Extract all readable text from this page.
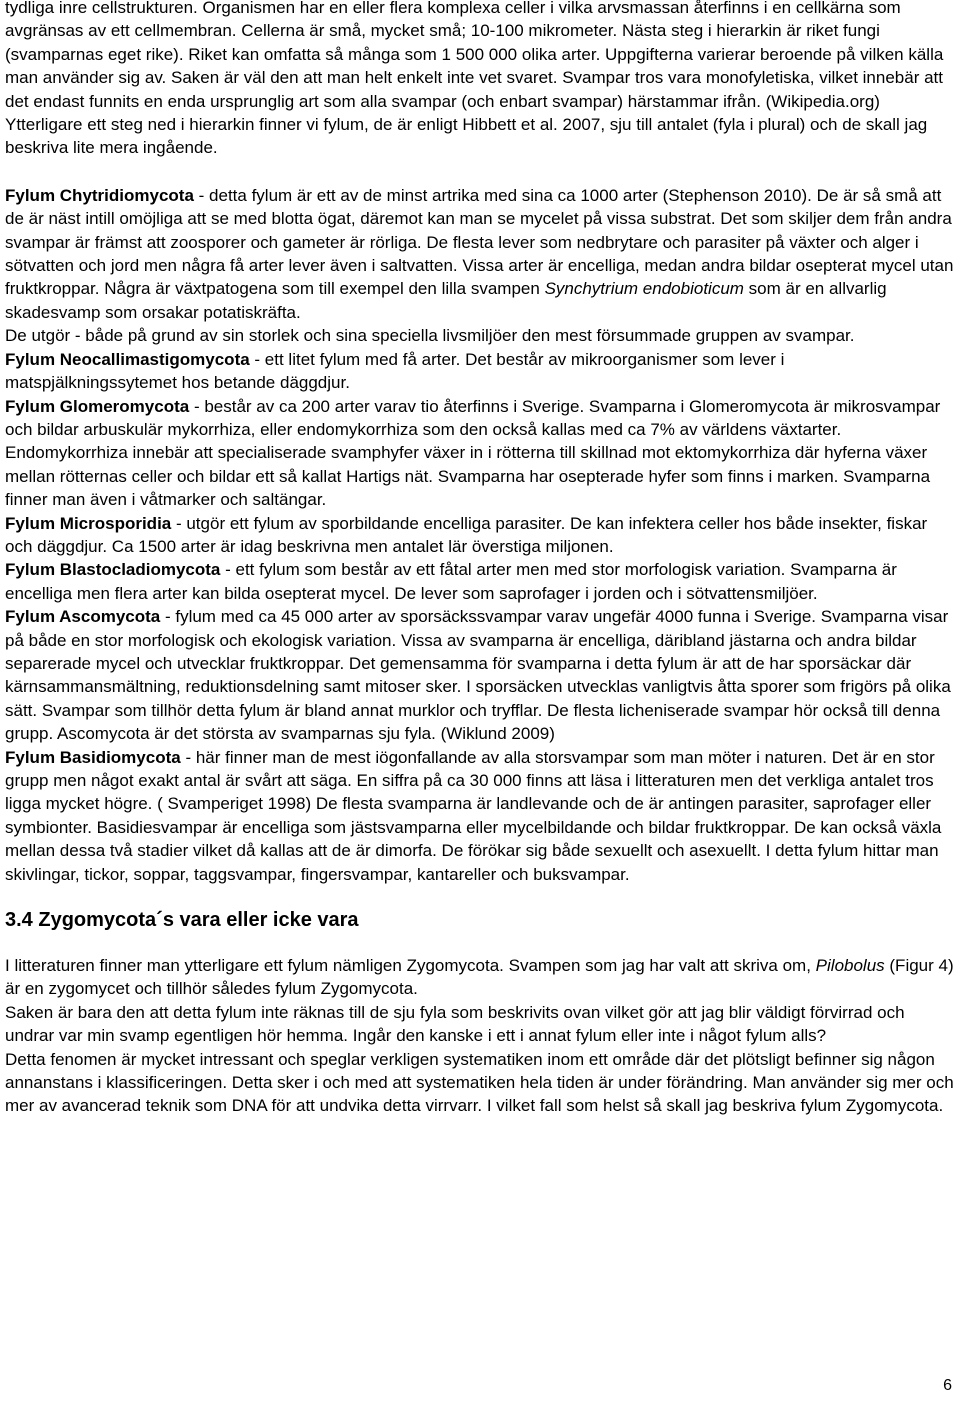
tydliga inre cellstrukturen. Organismen har en eller flera komplexa celler i vilka arvsmassan återfinns i en cellkärna som avgränsas av ett cellmembran. Cellerna är små, mycket små; 10-100 mikrometer. Nästa steg i hierarkin är riket fungi (svamparnas eget rike). Riket kan omfatta så många som 1 500 000 olika arter. Uppgifterna varierar beroende på vilken källa man använder sig av. Saken är väl den att man helt enkelt inte vet svaret. Svampar tros vara monofyletiska, vilket innebär att det endast funnits en enda ursprunglig art som alla svampar (och enbart svampar) härstammar ifrån. (Wikipedia.org) Ytterligare ett steg ned i hierarkin finner vi fylum, de är enligt Hibbett et al. 2007, sju till antalet (fyla i plural) och de skall jag beskriva lite mera ingående.

Fylum Chytridiomycota - detta fylum är ett av de minst artrika med sina ca 1000 arter (Stephenson 2010). De är så små att de är näst intill omöjliga att se med blotta ögat, däremot kan man se mycelet på vissa substrat. Det som skiljer dem från andra svampar är främst att zoosporer och gameter är rörliga. De flesta lever som nedbrytare och parasiter på växter och alger i sötvatten och jord men några få arter lever även i saltvatten. Vissa arter är encelliga, medan andra bildar osepterat mycel utan fruktkroppar. Några är växtpatogena som till exempel den lilla svampen Synchytrium endobioticum som är en allvarlig skadesvamp som orsakar potatiskräfta.

De utgör - både på grund av sin storlek och sina speciella livsmiljöer den mest försummade gruppen av svampar.

Fylum Neocallimastigomycota - ett litet fylum med få arter. Det består av mikroorganismer som lever i matspjälkningssytemet hos betande däggdjur.

Fylum Glomeromycota - består av ca 200 arter varav tio återfinns i Sverige. Svamparna i Glomeromycota är mikrosvampar och bildar arbuskulär mykorrhiza, eller endomykorrhiza som den också kallas med ca 7% av världens växtarter. Endomykorrhiza innebär att specialiserade svamphyfer växer in i rötterna till skillnad mot ektomykorrhiza där hyferna växer mellan rötternas celler och bildar ett så kallat Hartigs nät. Svamparna har osepterade hyfer som finns i marken. Svamparna finner man även i våtmarker och saltängar.

Fylum Microsporidia - utgör ett fylum av sporbildande encelliga parasiter. De kan infektera celler hos både insekter, fiskar och däggdjur. Ca 1500 arter är idag beskrivna men antalet lär överstiga miljonen.

Fylum Blastocladiomycota - ett fylum som består av ett fåtal arter men med stor morfologisk variation. Svamparna är encelliga men flera arter kan bilda osepterat mycel. De lever som saprofager i jorden och i sötvattensmiljöer.

Fylum Ascomycota - fylum med ca 45 000 arter av sporsäckssvampar varav ungefär 4000 funna i Sverige. Svamparna visar på både en stor morfologisk och ekologisk variation. Vissa av svamparna är encelliga, däribland jästarna och andra bildar separerade mycel och utvecklar fruktkroppar. Det gemensamma för svamparna i detta fylum är att de har sporsäckar där kärnsammansmältning, reduktionsdelning samt mitoser sker. I sporsäcken utvecklas vanligtvis åtta sporer som frigörs på olika sätt. Svampar som tillhör detta fylum är bland annat murklor och tryfflar. De flesta licheniserade svampar hör också till denna grupp. Ascomycota är det största av svamparnas sju fyla. (Wiklund 2009)

Fylum Basidiomycota - här finner man de mest iögonfallande av alla storsvampar som man möter i naturen. Det är en stor grupp men något exakt antal är svårt att säga. En siffra på ca 30 000 finns att läsa i litteraturen men det verkliga antalet tros ligga mycket högre. ( Svamperiget 1998) De flesta svamparna är landlevande och de är antingen parasiter, saprofager eller symbionter. Basidiesvampar är encelliga som jästsvamparna eller mycelbildande och bildar fruktkroppar. De kan också växla mellan dessa två stadier vilket då kallas att de är dimorfa. De förökar sig både sexuellt och asexuellt. I detta fylum hittar man skivlingar, tickor, soppar, taggsvampar, fingersvampar, kantareller och buksvampar.

3.4 Zygomycota´s vara eller icke vara

I litteraturen finner man ytterligare ett fylum nämligen Zygomycota. Svampen som jag har valt att skriva om, Pilobolus (Figur 4) är en zygomycet och tillhör således fylum Zygomycota.

Saken är bara den att detta fylum inte räknas till de sju fyla som beskrivits ovan vilket gör att jag blir väldigt förvirrad och undrar var min svamp egentligen hör hemma. Ingår den kanske i ett i annat fylum eller inte i något fylum alls?

Detta fenomen är mycket intressant och speglar verkligen systematiken inom ett område där det plötsligt befinner sig någon annanstans i klassificeringen. Detta sker i och med att systematiken hela tiden är under förändring. Man använder sig mer och mer av avancerad teknik som DNA för att undvika detta virrvarr. I vilket fall som helst så skall jag beskriva fylum Zygomycota.

6
